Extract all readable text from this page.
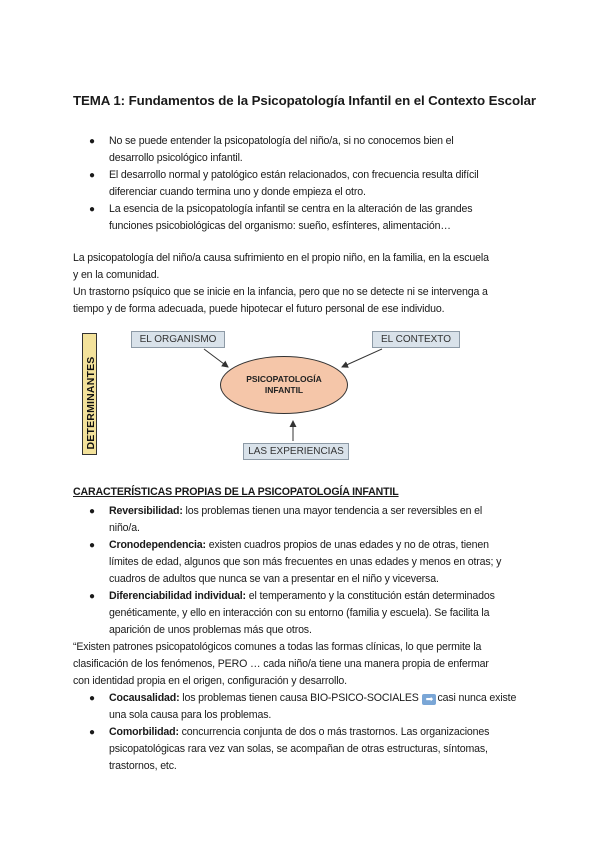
TEMA 1: Fundamentos de la Psicopatología Infantil en el Contexto Escolar
● No se puede entender la psicopatología del niño/a, si no conocemos bien el
desarrollo psicológico infantil.
● El desarrollo normal y patológico están relacionados, con frecuencia resulta difícil
diferenciar cuando termina uno y donde empieza el otro.
● La esencia de la psicopatología infantil se centra en la alteración de las grandes
funciones psicobiológicas del organismo: sueño, esfínteres, alimentación…
La psicopatología del niño/a causa sufrimiento en el propio niño, en la familia, en la escuela
y en la comunidad.
Un trastorno psíquico que se inicie en la infancia, pero que no se detecte ni se intervenga a
tiempo y de forma adecuada, puede hipotecar el futuro personal de ese individuo.
DETERMINANTES
EL ORGANISMO	EL CONTEXTO
PSICOPATOLOGÍA
INFANTIL
LAS EXPERIENCIAS
CARACTERÍSTICAS PROPIAS DE LA PSICOPATOLOGÍA INFANTIL
● Reversibilidad: los problemas tienen una mayor tendencia a ser reversibles en el
niño/a.
● Cronodependencia: existen cuadros propios de unas edades y no de otras, tienen
límites de edad, algunos que son más frecuentes en unas edades y menos en otras; y
cuadros de adultos que nunca se van a presentar en el niño y viceversa.
● Diferenciabilidad individual: el temperamento y la constitución están determinados
genéticamente, y ello en interacción con su entorno (familia y escuela). Se facilita la
aparición de unos problemas más que otros.
“Existen patrones psicopatológicos comunes a todas las formas clínicas, lo que permite la
clasificación de los fenómenos, PERO … cada niño/a tiene una manera propia de enfermar
con identidad propia en el origen, configuración y desarrollo.
● Cocausalidad: los problemas tienen causa BIO-PSICO-SOCIALES ➡ casi nunca existe
una sola causa para los problemas.
● Comorbilidad: concurrencia conjunta de dos o más trastornos. Las organizaciones
psicopatológicas rara vez van solas, se acompañan de otras estructuras, síntomas,
trastornos, etc.
